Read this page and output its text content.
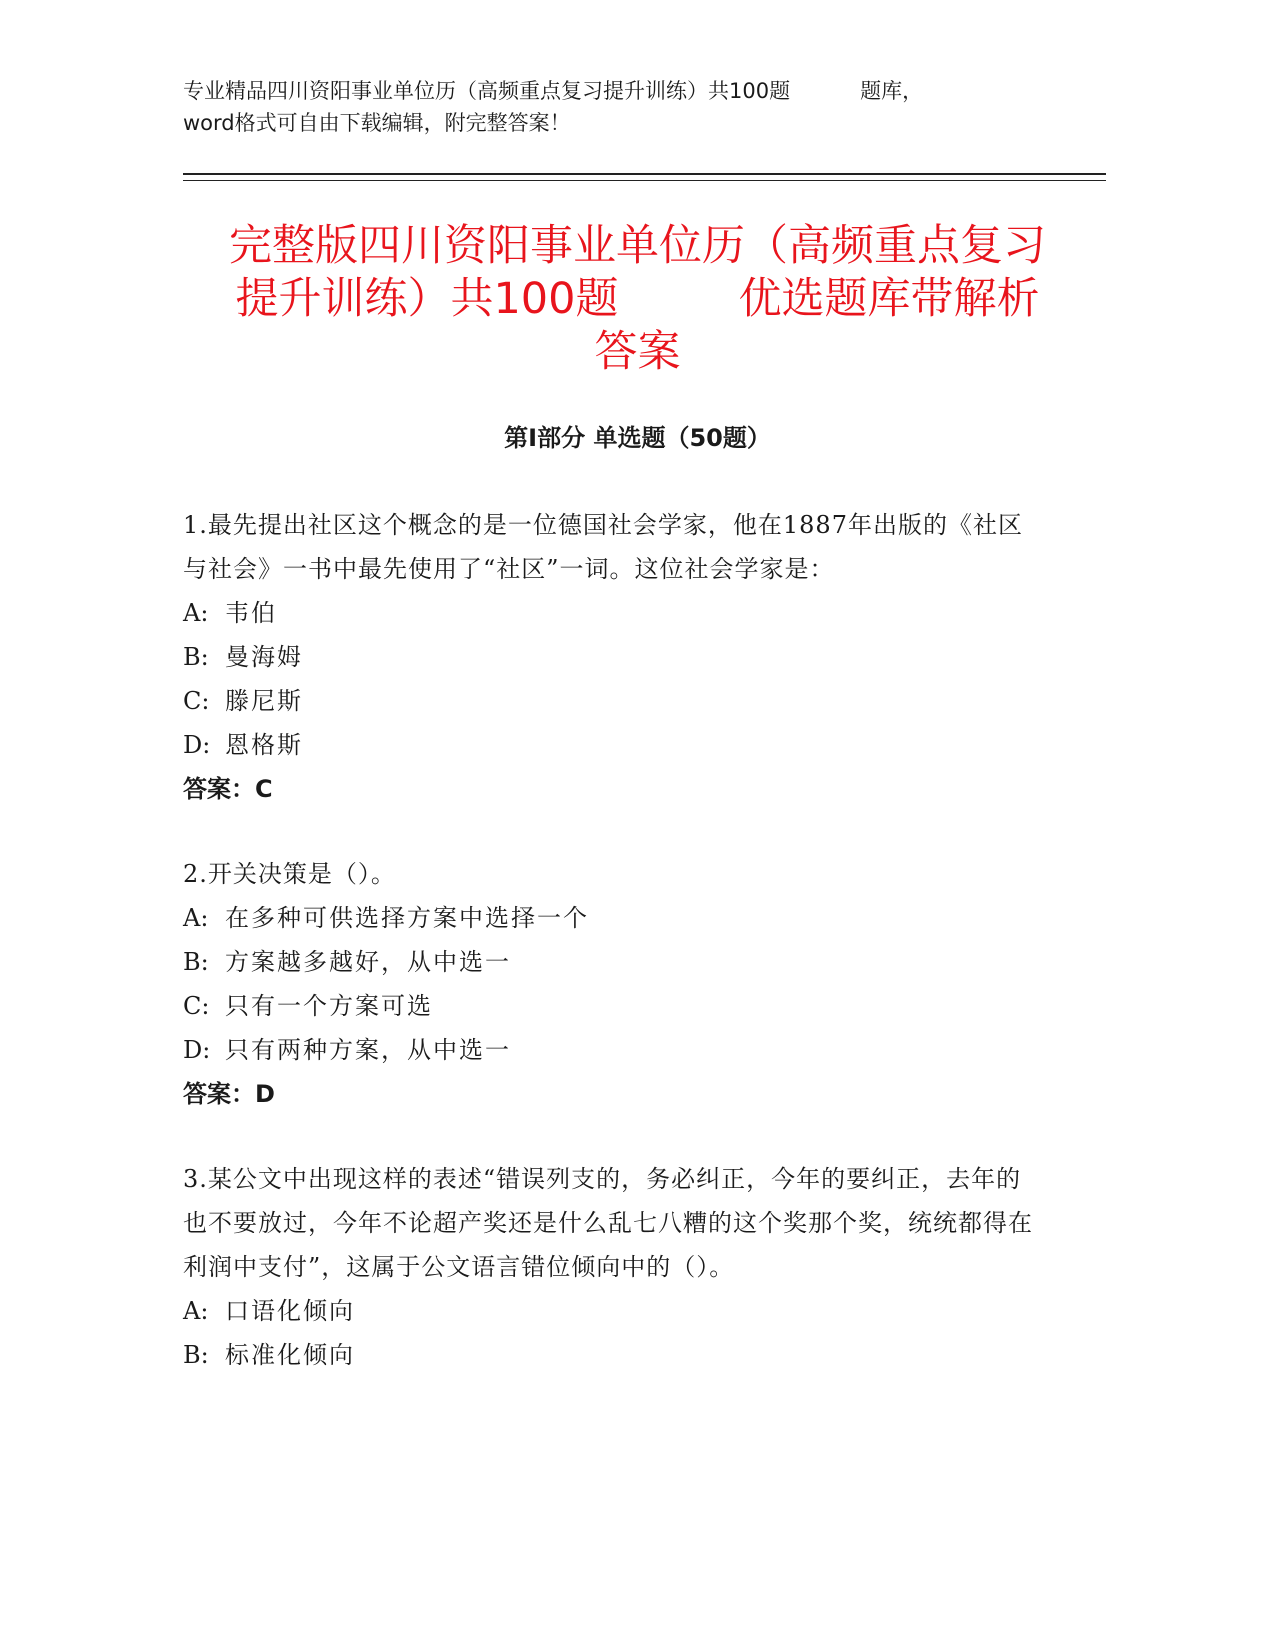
专业精品四川资阳事业单位历（高频重点复习提升训练）共100题	题库，
word格式可自由下载编辑，附完整答案！
完整版四川资阳事业单位历（高频重点复习
提升训练）共100题	优选题库带解析
答案
第Ⅰ部分 单选题（50题）

1.最先提出社区这个概念的是一位德国社会学家，他在1887年出版的《社区与社会》一书中最先使用了“社区”一词。这位社会学家是：

A: 韦伯

B: 曼海姆

C: 滕尼斯

D: 恩格斯

答案：C

2.开关决策是（）。

A: 在多种可供选择方案中选择一个

B: 方案越多越好，从中选一

C: 只有一个方案可选

D: 只有两种方案，从中选一

答案：D

3.某公文中出现这样的表述“错误列支的，务必纠正，今年的要纠正，去年的也不要放过，今年不论超产奖还是什么乱七八糟的这个奖那个奖，统统都得在利润中支付”，这属于公文语言错位倾向中的（）。

A: 口语化倾向

B: 标准化倾向
